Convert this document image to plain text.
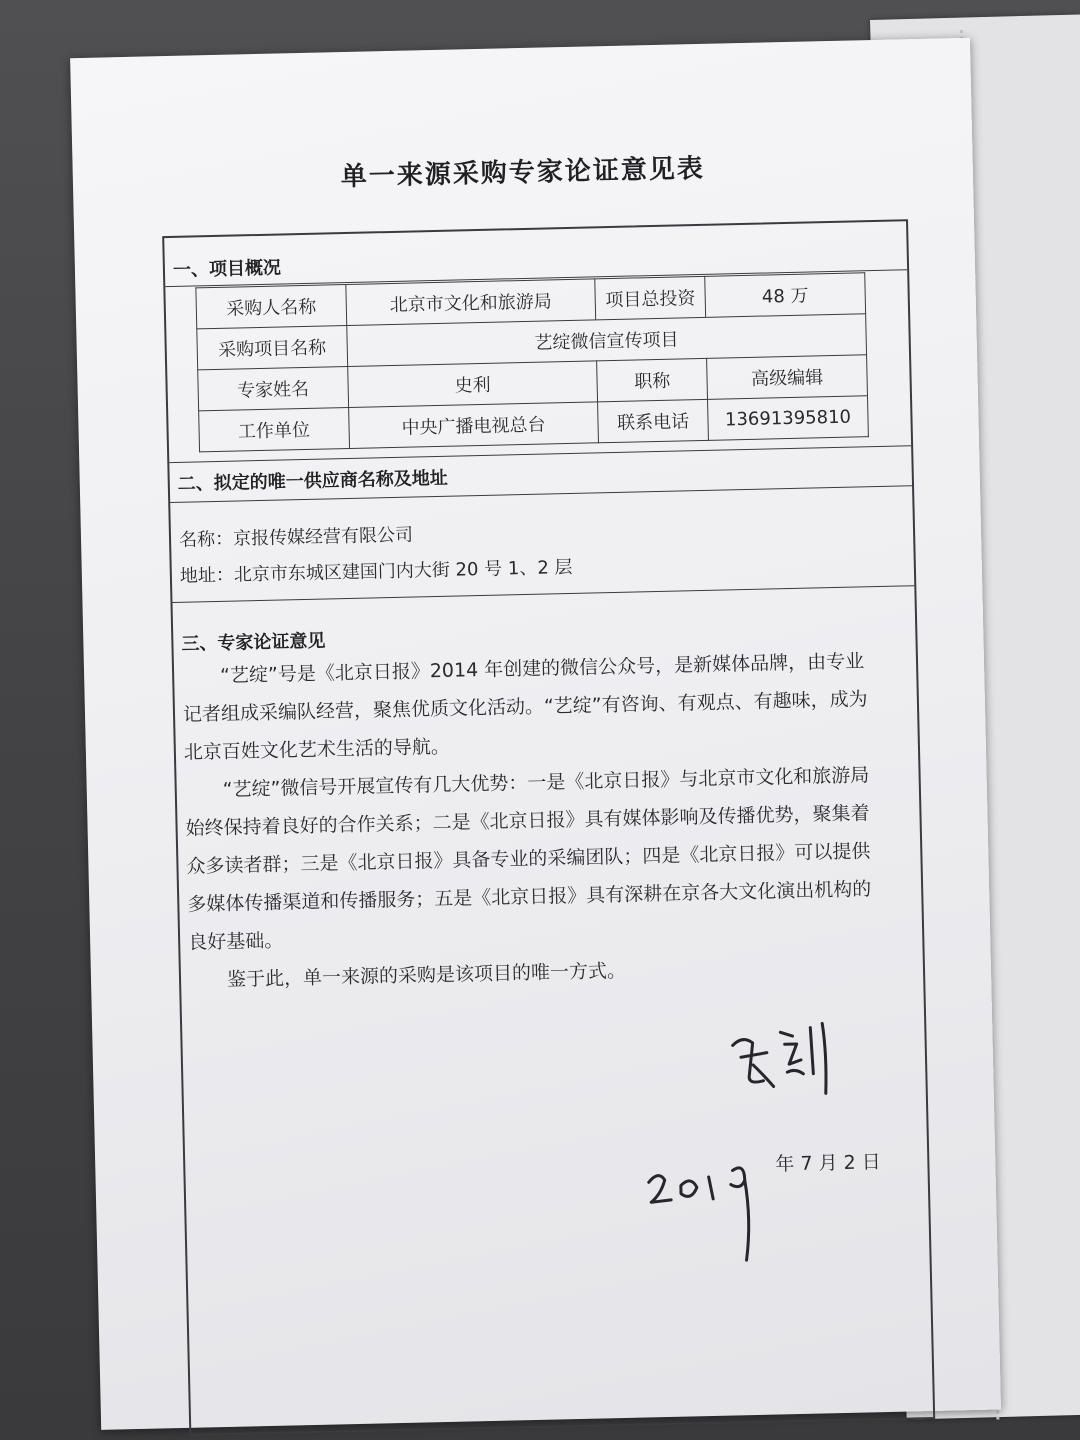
单一来源采购专家论证意见表
一、项目概况
采购人名称	北京市文化和旅游局	项目总投资	48 万
采购项目名称	艺绽微信宣传项目		
专家姓名	史利	职称	高级编辑
工作单位	中央广播电视总台	联系电话	13691395810
二、拟定的唯一供应商名称及地址
名称：京报传媒经营有限公司
地址：北京市东城区建国门内大街 20 号 1、2 层
三、专家论证意见
“艺绽”号是《北京日报》2014 年创建的微信公众号，是新媒体品牌，由专业记者组成采编队经营，聚焦优质文化活动。“艺绽”有咨询、有观点、有趣味，成为北京百姓文化艺术生活的导航。
“艺绽”微信号开展宣传有几大优势：一是《北京日报》与北京市文化和旅游局始终保持着良好的合作关系；二是《北京日报》具有媒体影响及传播优势，聚集着众多读者群；三是《北京日报》具备专业的采编团队；四是《北京日报》可以提供多媒体传播渠道和传播服务；五是《北京日报》具有深耕在京各大文化演出机构的良好基础。
鉴于此，单一来源的采购是该项目的唯一方式。
年 7 月 2 日
